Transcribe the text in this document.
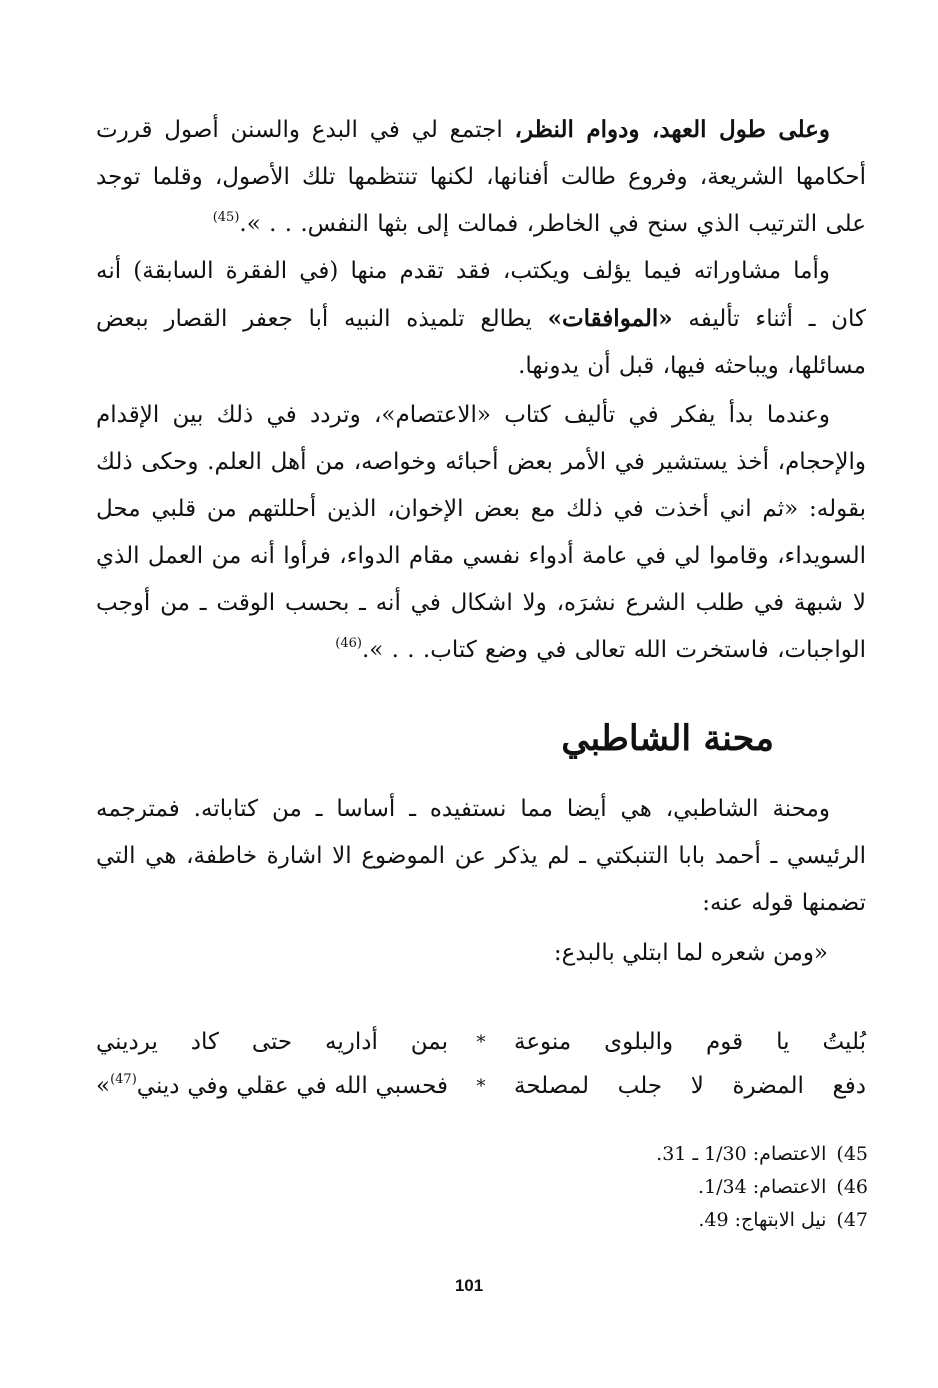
وعلى طول العهد، ودوام النظر، اجتمع لي في البدع والسنن أصول قررت أحكامها الشريعة، وفروع طالت أفنانها، لكنها تنتظمها تلك الأصول، وقلما توجد على الترتيب الذي سنح في الخاطر، فمالت إلى بثها النفس. . . ».$^{(45)}$

وأما مشاوراته فيما يؤلف ويكتب، فقد تقدم منها (في الفقرة السابقة) أنه كان ـ أثناء تأليفه «الموافقات» يطالع تلميذه النبيه أبا جعفر القصار ببعض مسائلها، ويباحثه فيها، قبل أن يدونها.

وعندما بدأ يفكر في تأليف كتاب «الاعتصام»، وتردد في ذلك بين الإقدام والإحجام، أخذ يستشير في الأمر بعض أحبائه وخواصه، من أهل العلم. وحكى ذلك بقوله: «ثم اني أخذت في ذلك مع بعض الإخوان، الذين أحللتهم من قلبي محل السويداء، وقاموا لي في عامة أدواء نفسي مقام الدواء، فرأوا أنه من العمل الذي لا شبهة في طلب الشرع نشرَه، ولا اشكال في أنه ـ بحسب الوقت ـ من أوجب الواجبات، فاستخرت الله تعالى في وضع كتاب. . . ».$^{(46)}$

محنة الشاطبي

ومحنة الشاطبي، هي أيضا مما نستفيده ـ أساسا ـ من كتاباته. فمترجمه الرئيسي ـ أحمد بابا التنبكتي ـ لم يذكر عن الموضوع الا اشارة خاطفة، هي التي تضمنها قوله عنه:

«ومن شعره لما ابتلي بالبدع:

بُليتُ يا قوم والبلوى منوعة
*
بمن أداريه حتى كاد يرديني
دفع المضرة لا جلب لمصلحة
*
فحسبي الله في عقلي وفي ديني$^{(47)}$»
45)الاعتصام: 1/30 ـ 31.
46)الاعتصام: 1/34.
47)نيل الابتهاج: 49.

101
